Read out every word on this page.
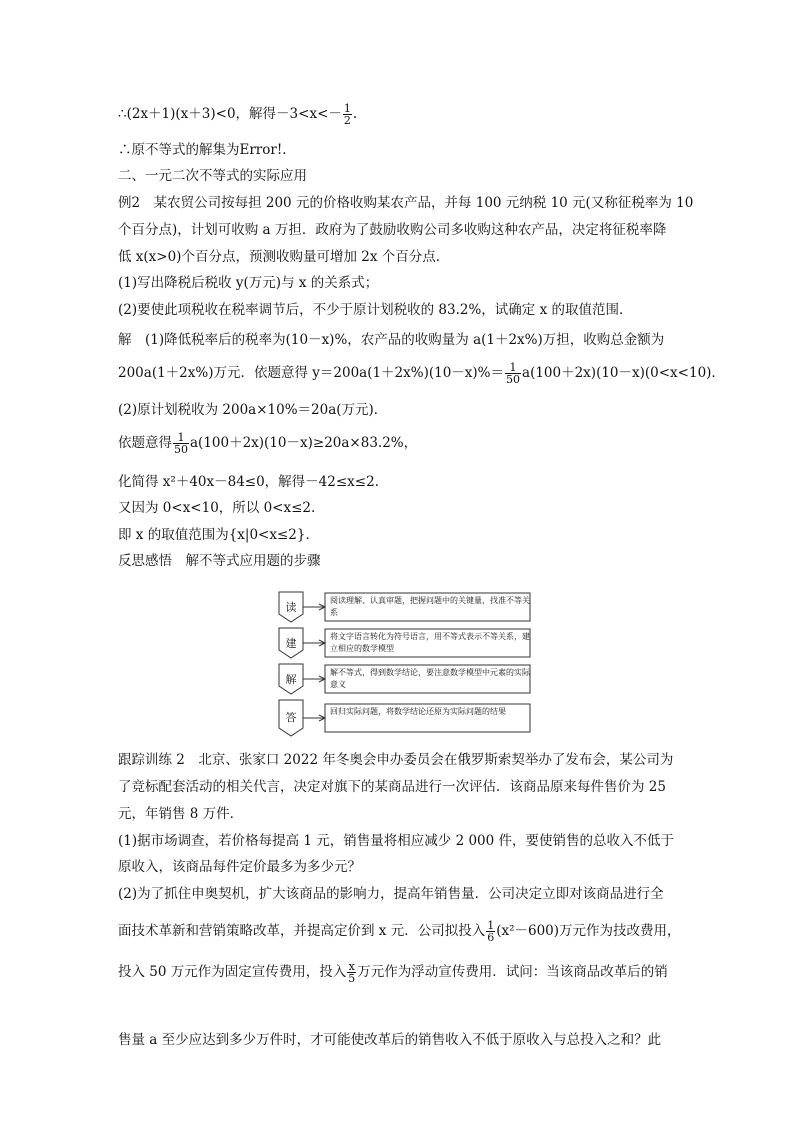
∴(2x＋1)(x＋3)<0，解得$-3<x<- \frac{1}{2}$ .
∴原不等式的解集为Error!.
二、一元二次不等式的实际应用
例2　某农贸公司按每担 200 元的价格收购某农产品，并每 100 元纳税 10 元(又称征税率为 10
个百分点)，计划可收购 a 万担．政府为了鼓励收购公司多收购这种农产品，决定将征税率降
低 x(x>0)个百分点，预测收购量可增加 2x 个百分点．
(1)写出降税后税收 y(万元)与 x 的关系式；
(2)要使此项税收在税率调节后，不少于原计划税收的 83.2%，试确定 x 的取值范围．
解　(1)降低税率后的税率为(10－x)%，农产品的收购量为 a(1＋2x%)万担，收购总金额为
200a(1＋2x%)万元．依题意得 $y=200a(1+2x\%)(10-x)\%= \frac{1}{50} a(100+2x)(10-x)(0<x<10)$．
(2)原计划税收为 200a×10%＝20a(万元)．
依题意得 $\frac{1}{50} a(100+2x)(10-x)\ge 20a\times 83.2\%$，
化简得 x²＋40x－84≤0，解得－42≤x≤2.
又因为 0<x<10，所以 0<x≤2.
即 x 的取值范围为{x|0<x≤2}．
反思感悟　解不等式应用题的步骤
读
建
解
答
阅读理解、认真审题，把握问题中的关键量，找准不等关系
将文字语言转化为符号语言，用不等式表示不等关系，建立相应的数学模型
解不等式，得到数学结论，要注意数学模型中元素的实际意义
回归实际问题，将数学结论还原为实际问题的结果
跟踪训练 2　北京、张家口 2022 年冬奥会申办委员会在俄罗斯索契举办了发布会，某公司为
了竞标配套活动的相关代言，决定对旗下的某商品进行一次评估．该商品原来每件售价为 25
元，年销售 8 万件．
(1)据市场调查，若价格每提高 1 元，销售量将相应减少 2 000 件，要使销售的总收入不低于
原收入，该商品每件定价最多为多少元？
(2)为了抓住申奥契机，扩大该商品的影响力，提高年销售量．公司决定立即对该商品进行全
面技术革新和营销策略改革，并提高定价到 x 元．公司拟投入 $\frac{1}{6} (x^2-600)$万元作为技改费用，
投入 50 万元作为固定宣传费用，投入 $\frac{x}{5}$ 万元作为浮动宣传费用．试问：当该商品改革后的销
售量 a 至少应达到多少万件时，才可能使改革后的销售收入不低于原收入与总投入之和？此
